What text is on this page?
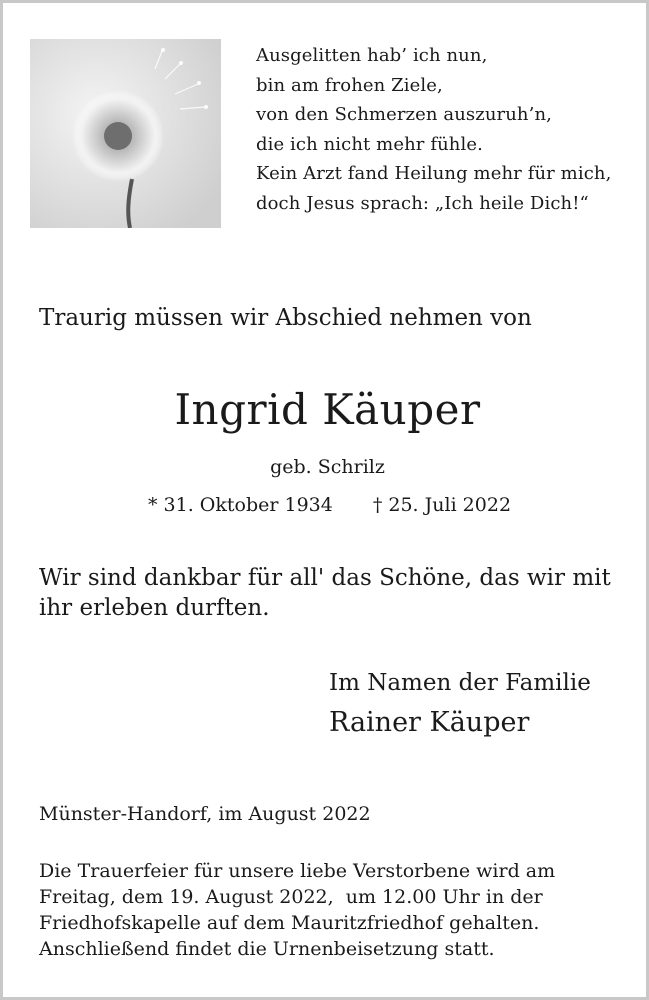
Ausgelitten hab’ ich nun,
bin am frohen Ziele,
von den Schmerzen auszuruh’n,
die ich nicht mehr fühle.
Kein Arzt fand Heilung mehr für mich,
doch Jesus sprach: „Ich heile Dich!“
Traurig müssen wir Abschied nehmen von
Ingrid Käuper
geb. Schrilz
* 31. Oktober 1934 † 25. Juli 2022
Wir sind dankbar für all' das Schöne, das wir mit
ihr erleben durften.
Im Namen der Familie
Rainer Käuper
Münster-Handorf, im August 2022
Die Trauerfeier für unsere liebe Verstorbene wird am
Freitag, dem 19. August 2022,  um 12.00 Uhr in der
Friedhofskapelle auf dem Mauritzfriedhof gehalten.
Anschließend findet die Urnenbeisetzung statt.
